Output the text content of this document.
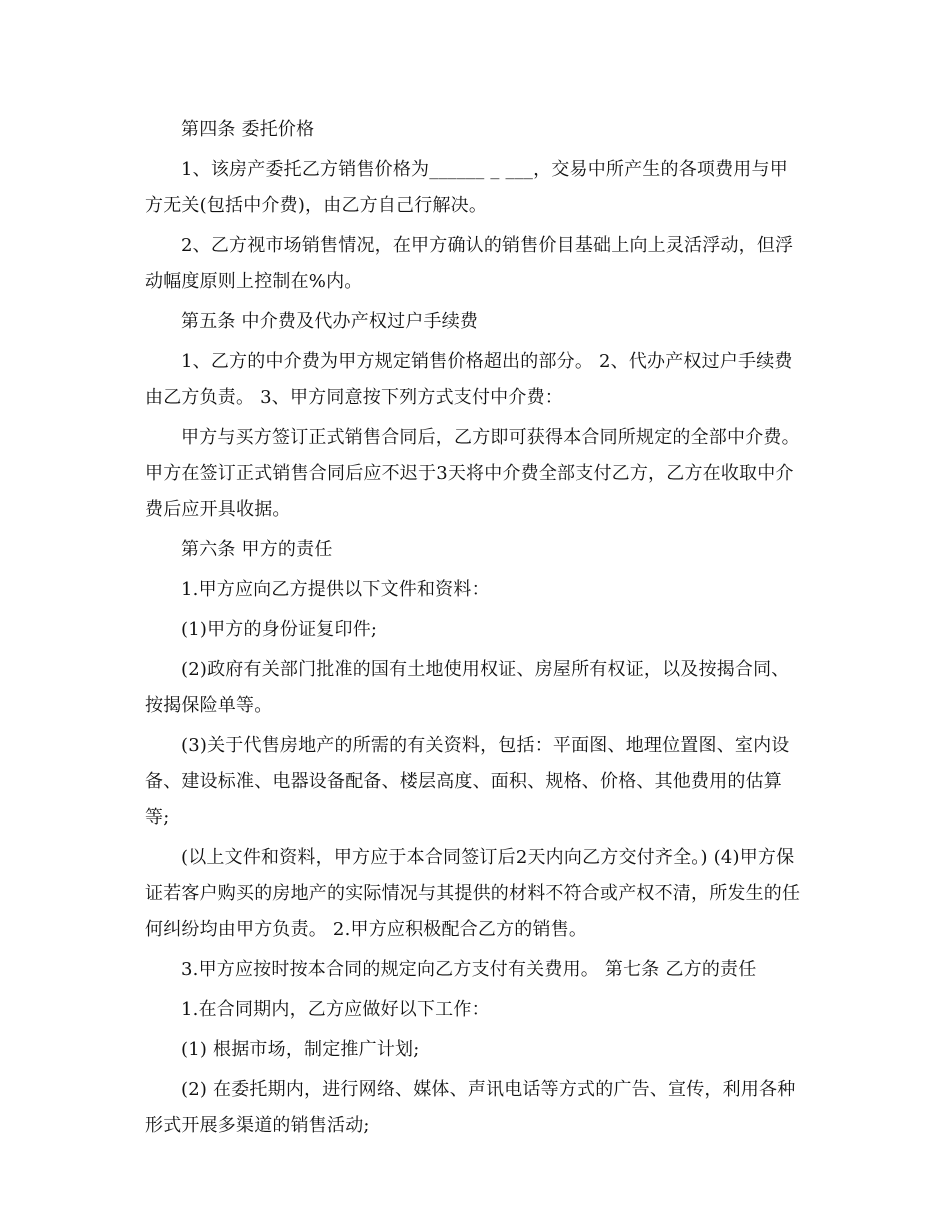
第四条 委托价格

1、该房产委托乙方销售价格为______ _ ___，交易中所产生的各项费用与甲方无关(包括中介费)，由乙方自己行解决。

2、乙方视市场销售情况，在甲方确认的销售价目基础上向上灵活浮动，但浮动幅度原则上控制在%内。

第五条 中介费及代办产权过户手续费

1、乙方的中介费为甲方规定销售价格超出的部分。 2、代办产权过户手续费由乙方负责。 3、甲方同意按下列方式支付中介费：

甲方与买方签订正式销售合同后，乙方即可获得本合同所规定的全部中介费。甲方在签订正式销售合同后应不迟于3天将中介费全部支付乙方，乙方在收取中介费后应开具收据。

第六条 甲方的责任

1.甲方应向乙方提供以下文件和资料：

(1)甲方的身份证复印件;

(2)政府有关部门批准的国有土地使用权证、房屋所有权证，以及按揭合同、按揭保险单等。

(3)关于代售房地产的所需的有关资料，包括：平面图、地理位置图、室内设备、建设标准、电器设备配备、楼层高度、面积、规格、价格、其他费用的估算等;

(以上文件和资料，甲方应于本合同签订后2天内向乙方交付齐全。) (4)甲方保证若客户购买的房地产的实际情况与其提供的材料不符合或产权不清，所发生的任何纠纷均由甲方负责。 2.甲方应积极配合乙方的销售。

3.甲方应按时按本合同的规定向乙方支付有关费用。 第七条 乙方的责任

1.在合同期内，乙方应做好以下工作：

(1) 根据市场，制定推广计划;

(2) 在委托期内，进行网络、媒体、声讯电话等方式的广告、宣传，利用各种形式开展多渠道的销售活动;
